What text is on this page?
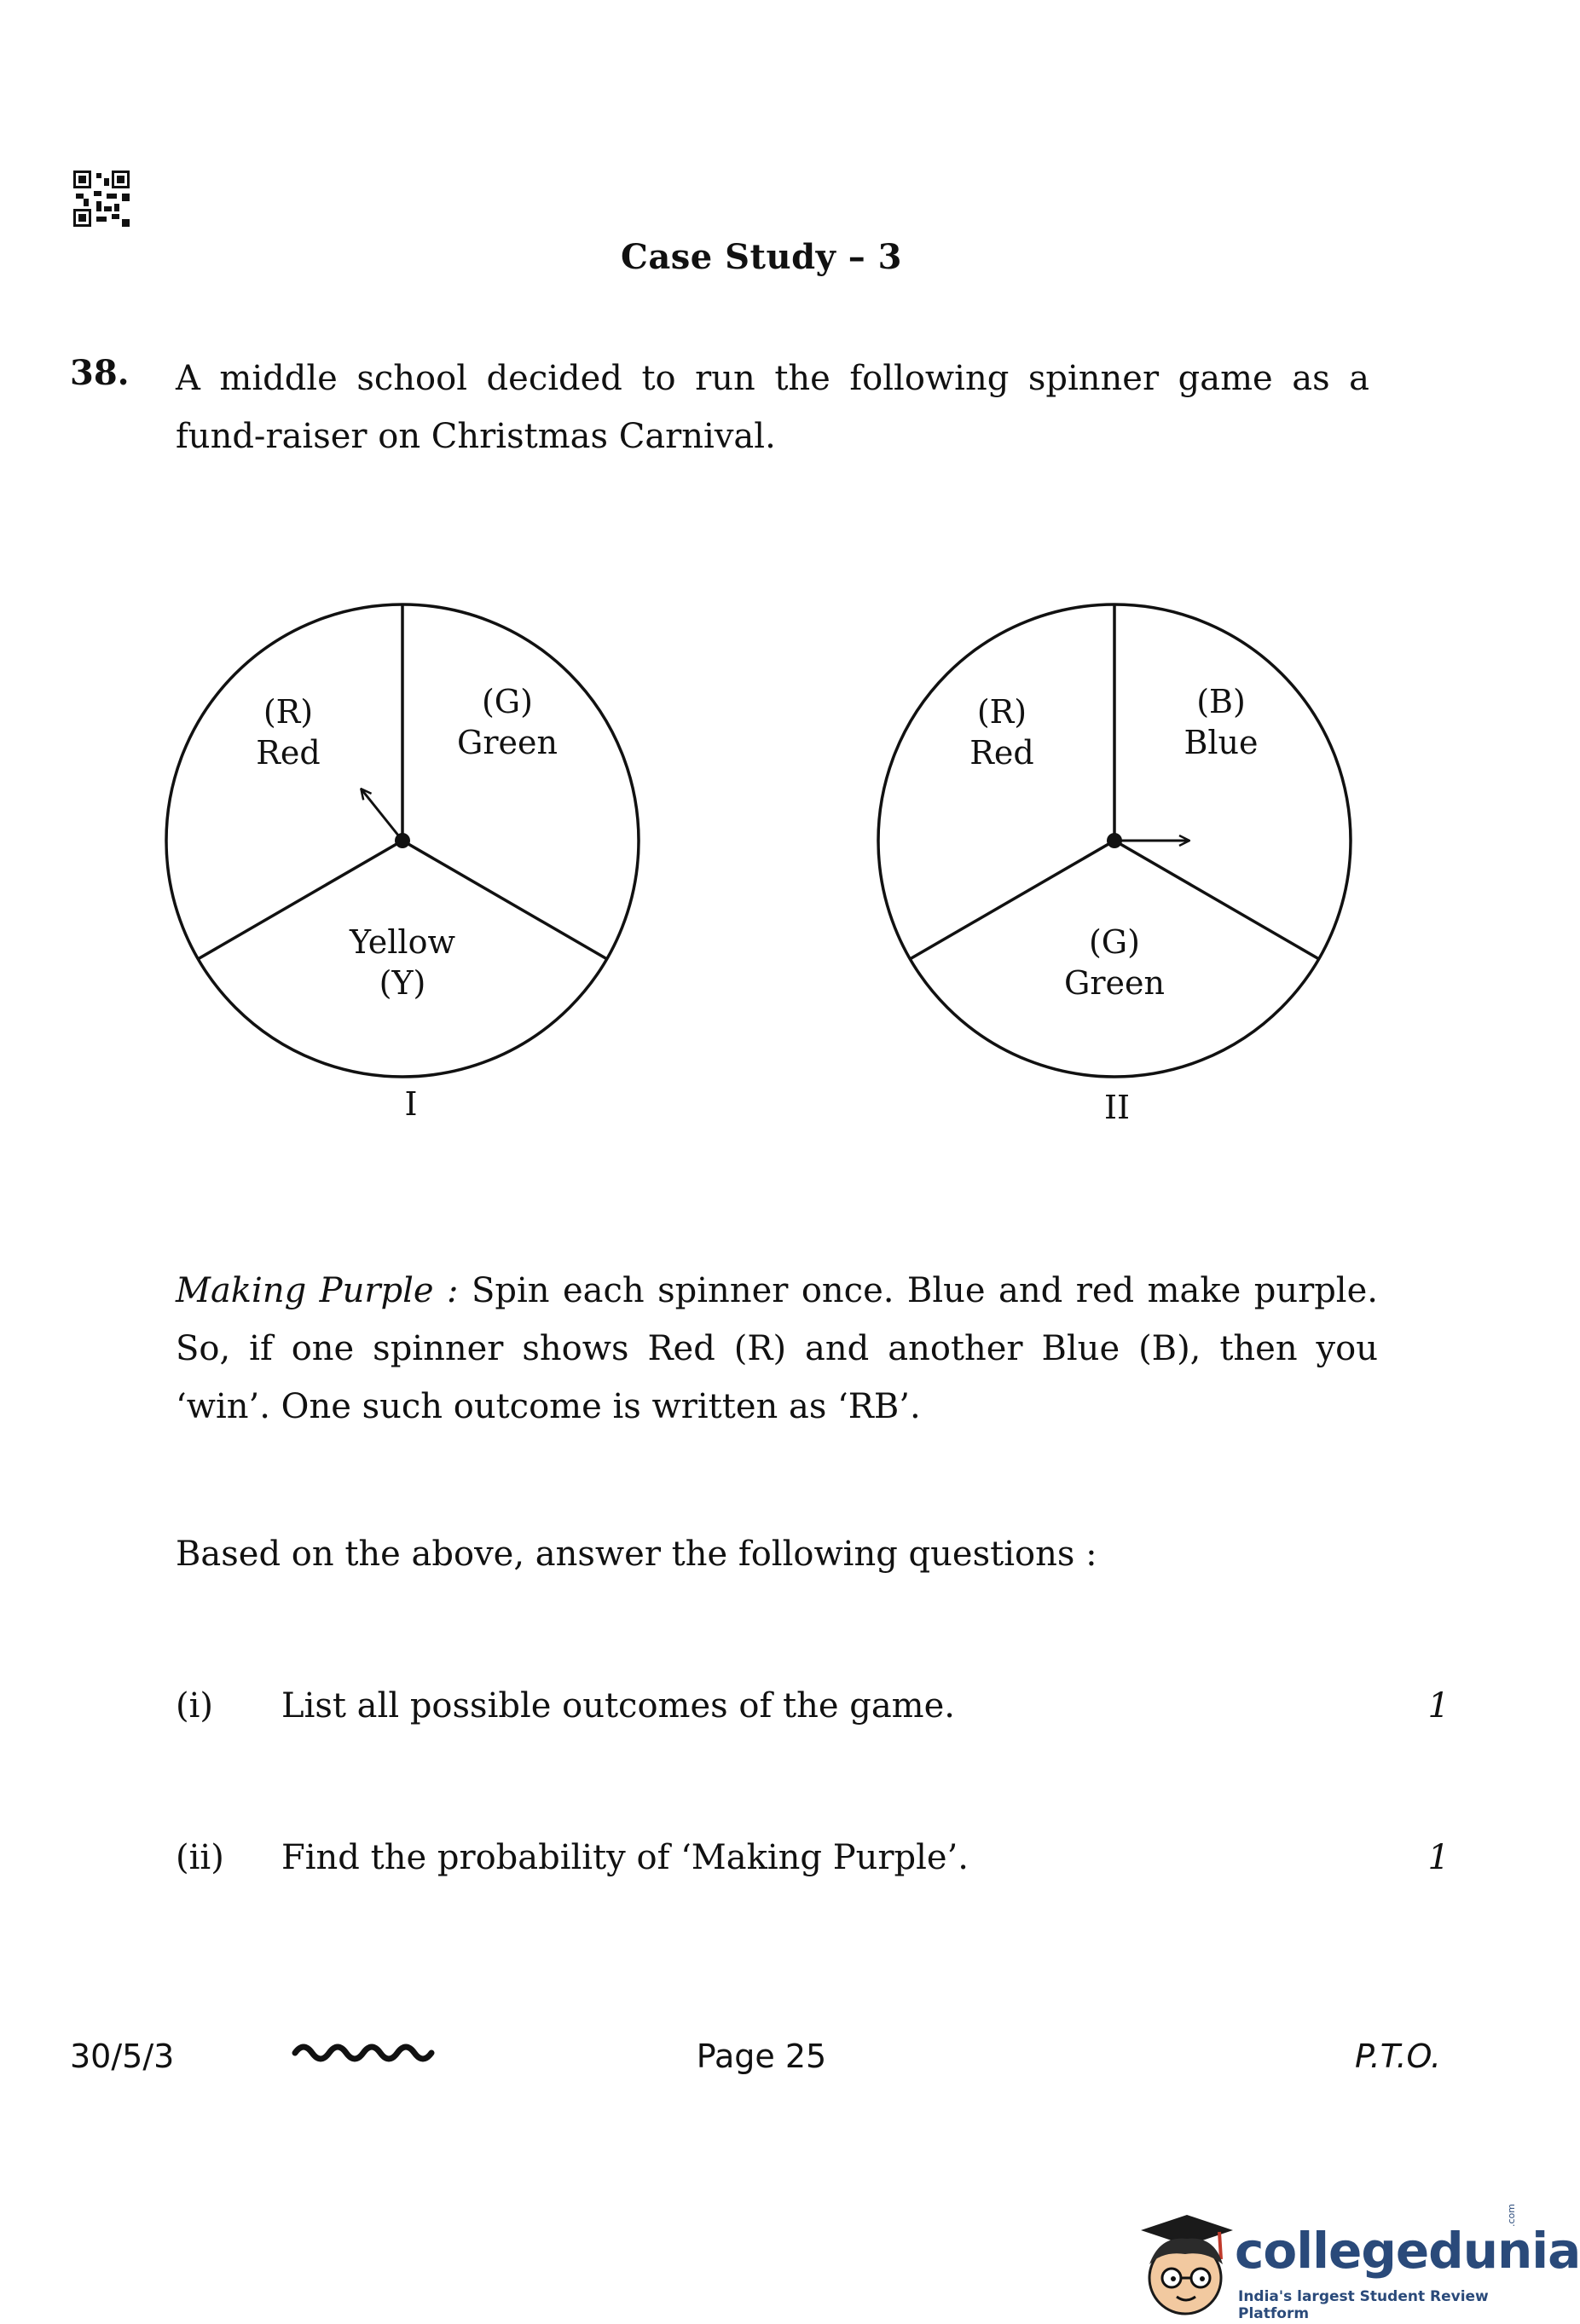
Case Study – 3
38. A middle school decided to run the following spinner game as a fund-raiser on Christmas Carnival.
(R)
Red
(G)
Green
Yellow
(Y)
I
(R)
Red
(B)
Blue
(G)
Green
II
Making Purple : Spin each spinner once. Blue and red make purple. So, if one spinner shows Red (R) and another Blue (B), then you ‘win’. One such outcome is written as ‘RB’.
Based on the above, answer the following questions :
(i) List all possible outcomes of the game.	1
(ii) Find the probability of ‘Making Purple’.	1
30/5/3	Page 25	P.T.O.
collegedunia
.com
India's largest Student Review Platform
